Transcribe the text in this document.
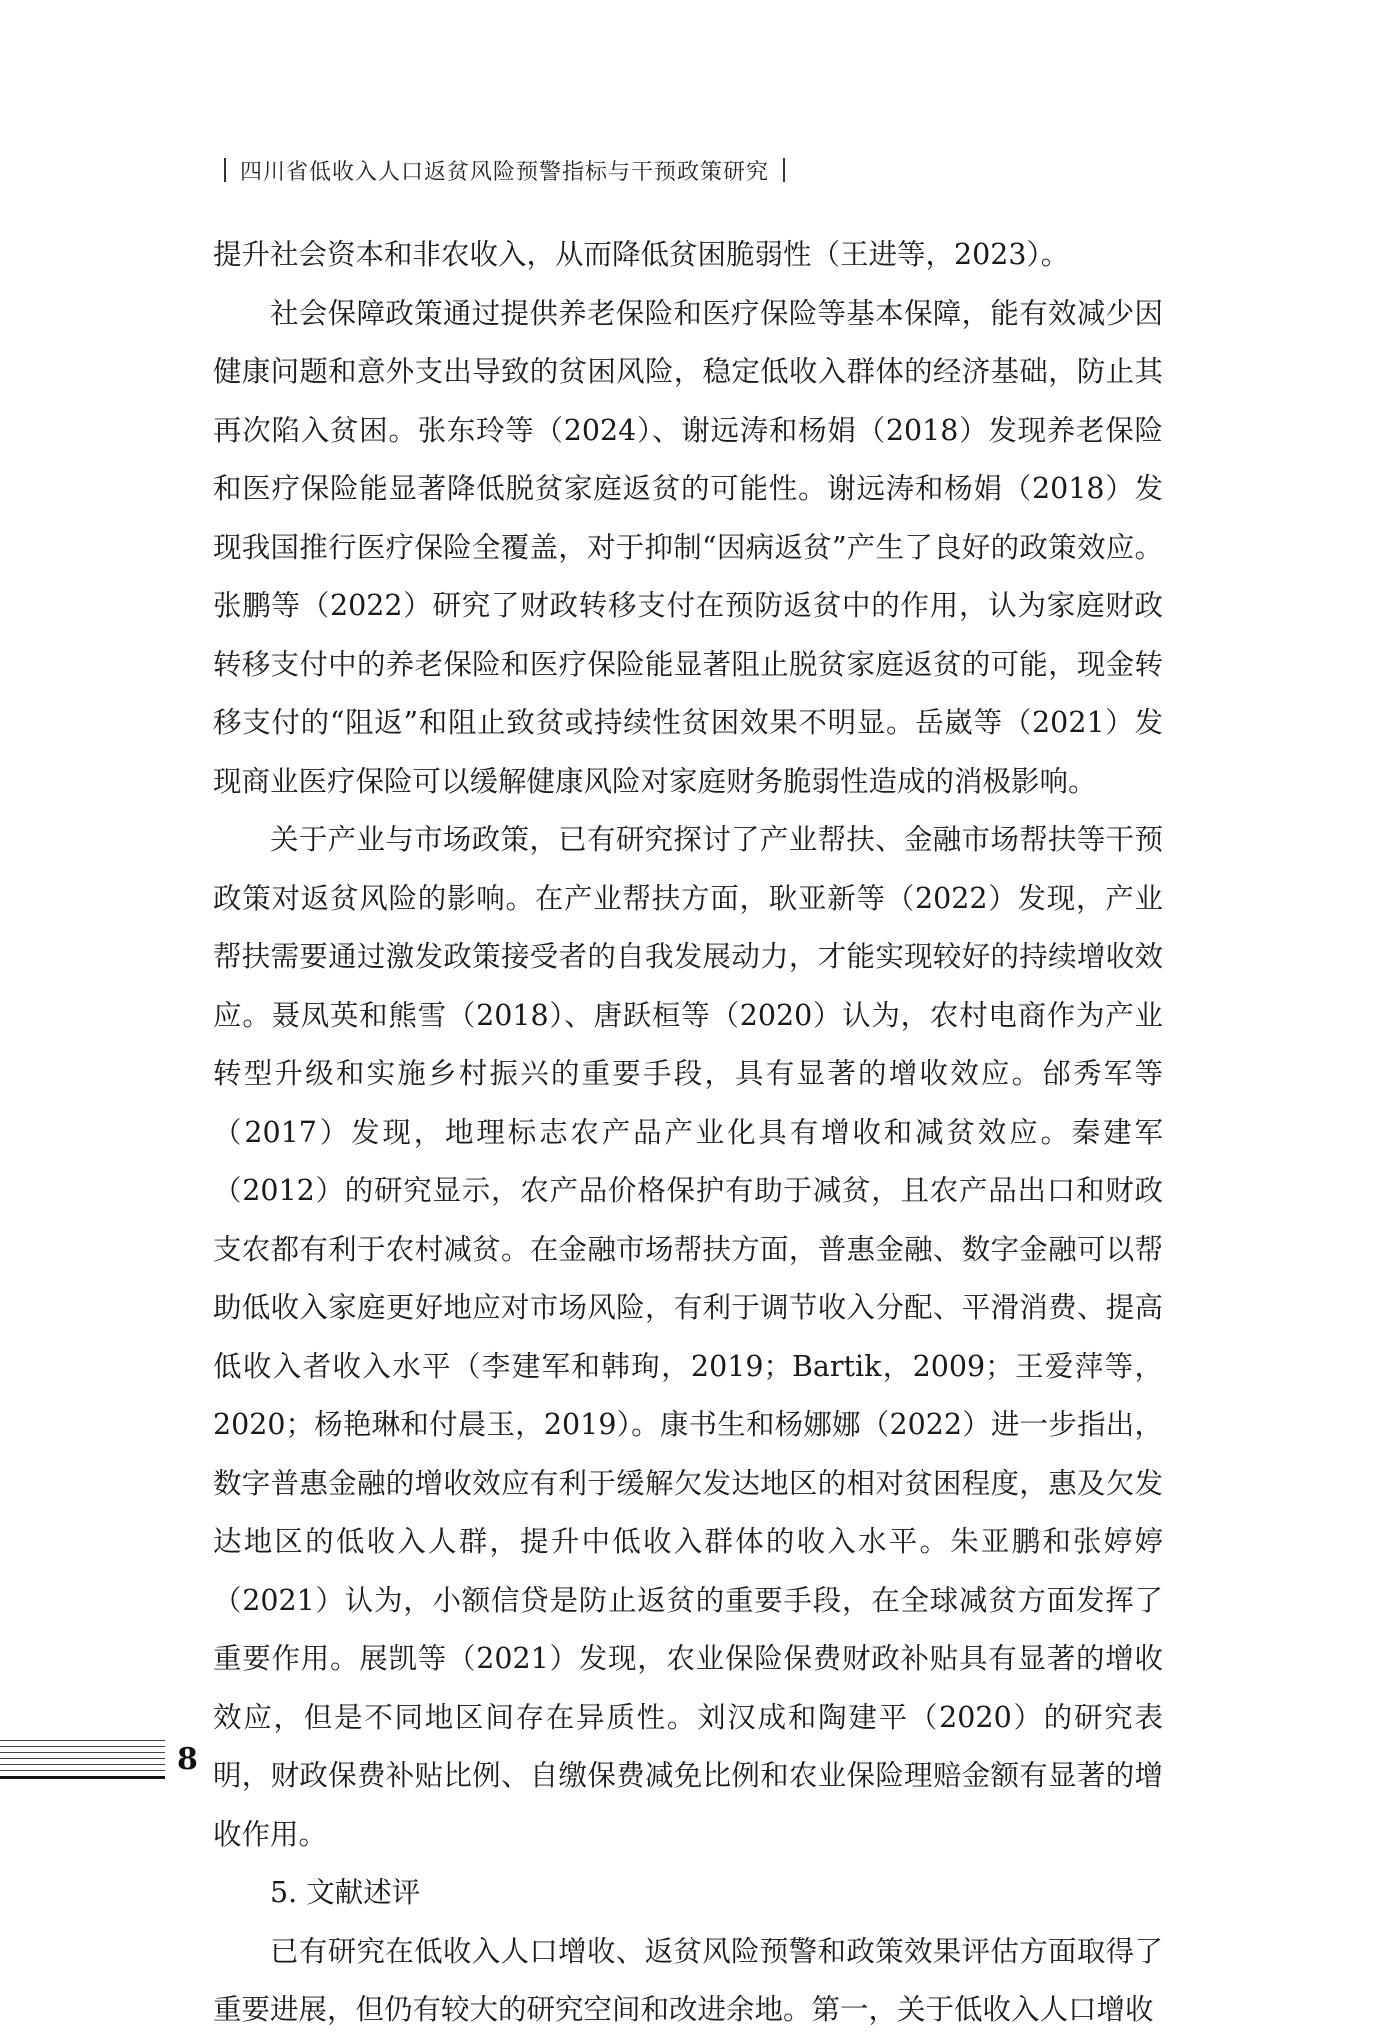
四川省低收入人口返贫风险预警指标与干预政策研究

提升社会资本和非农收入，从而降低贫困脆弱性（王进等，2023）。

社会保障政策通过提供养老保险和医疗保险等基本保障，能有效减少因健康问题和意外支出导致的贫困风险，稳定低收入群体的经济基础，防止其再次陷入贫困。张东玲等（2024）、谢远涛和杨娟（2018）发现养老保险和医疗保险能显著降低脱贫家庭返贫的可能性。谢远涛和杨娟（2018）发现我国推行医疗保险全覆盖，对于抑制“因病返贫”产生了良好的政策效应。张鹏等（2022）研究了财政转移支付在预防返贫中的作用，认为家庭财政转移支付中的养老保险和医疗保险能显著阻止脱贫家庭返贫的可能，现金转移支付的“阻返”和阻止致贫或持续性贫困效果不明显。岳崴等（2021）发现商业医疗保险可以缓解健康风险对家庭财务脆弱性造成的消极影响。

关于产业与市场政策，已有研究探讨了产业帮扶、金融市场帮扶等干预政策对返贫风险的影响。在产业帮扶方面，耿亚新等（2022）发现，产业帮扶需要通过激发政策接受者的自我发展动力，才能实现较好的持续增收效应。聂凤英和熊雪（2018）、唐跃桓等（2020）认为，农村电商作为产业转型升级和实施乡村振兴的重要手段，具有显著的增收效应。邰秀军等（2017）发现，地理标志农产品产业化具有增收和减贫效应。秦建军（2012）的研究显示，农产品价格保护有助于减贫，且农产品出口和财政支农都有利于农村减贫。在金融市场帮扶方面，普惠金融、数字金融可以帮助低收入家庭更好地应对市场风险，有利于调节收入分配、平滑消费、提高低收入者收入水平（李建军和韩珣，2019；Bartik，2009；王爱萍等，2020；杨艳琳和付晨玉，2019）。康书生和杨娜娜（2022）进一步指出，数字普惠金融的增收效应有利于缓解欠发达地区的相对贫困程度，惠及欠发达地区的低收入人群，提升中低收入群体的收入水平。朱亚鹏和张婷婷（2021）认为，小额信贷是防止返贫的重要手段，在全球减贫方面发挥了重要作用。展凯等（2021）发现，农业保险保费财政补贴具有显著的增收效应，但是不同地区间存在异质性。刘汉成和陶建平（2020）的研究表明，财政保费补贴比例、自缴保费减免比例和农业保险理赔金额有显著的增收作用。

5. 文献述评

已有研究在低收入人口增收、返贫风险预警和政策效果评估方面取得了重要进展，但仍有较大的研究空间和改进余地。第一，关于低收入人口增收

8
